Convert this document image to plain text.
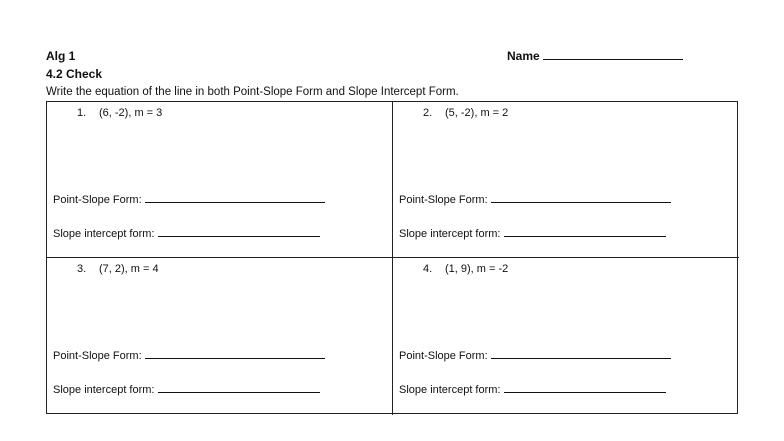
Alg 1
4.2 Check
Name
Write the equation of the line in both Point-Slope Form and Slope Intercept Form.
1. (6, -2), m = 3
Point-Slope Form:
Slope intercept form:
2. (5, -2), m = 2
Point-Slope Form:
Slope intercept form:
3. (7, 2), m = 4
Point-Slope Form:
Slope intercept form:
4. (1, 9), m = -2
Point-Slope Form:
Slope intercept form:
